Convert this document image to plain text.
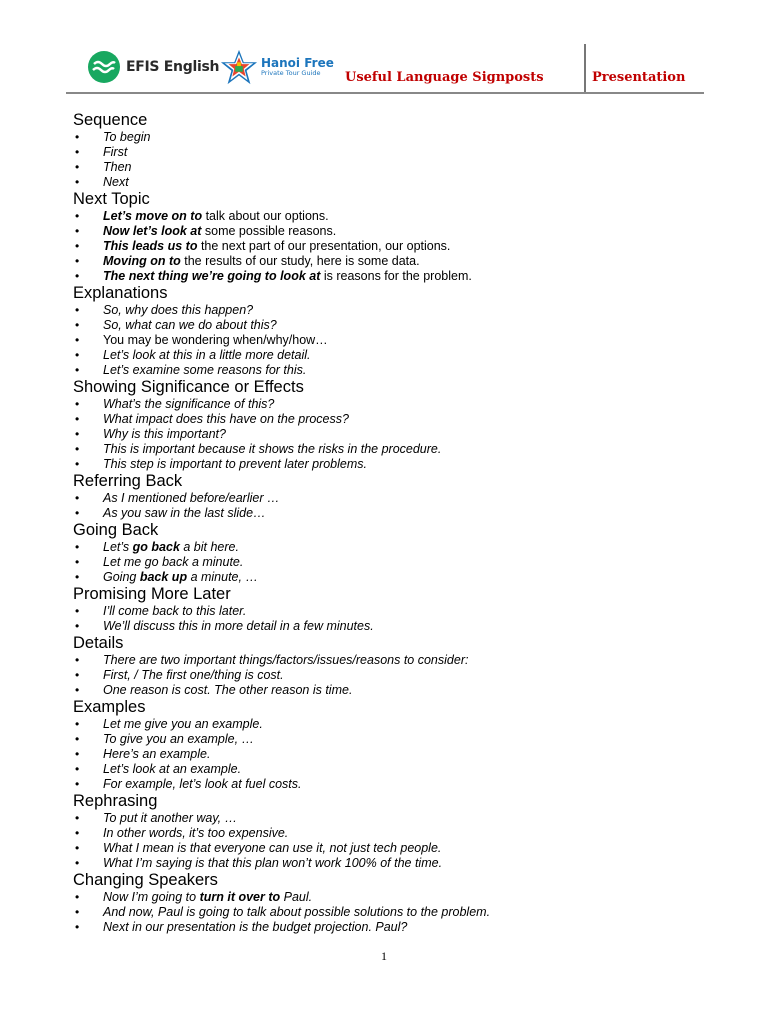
EFIS English	Hanoi Free
Private Tour Guide	Useful Language Signposts	Presentation
Sequence
• To begin
• First
• Then
• Next
Next Topic
• Let’s move on to talk about our options.
• Now let’s look at some possible reasons.
• This leads us to the next part of our presentation, our options.
• Moving on to the results of our study, here is some data.
• The next thing we’re going to look at is reasons for the problem.
Explanations
• So, why does this happen?
• So, what can we do about this?
• You may be wondering when/why/how…
• Let’s look at this in a little more detail.
• Let’s examine some reasons for this.
Showing Significance or Effects
• What’s the significance of this?
• What impact does this have on the process?
• Why is this important?
• This is important because it shows the risks in the procedure.
• This step is important to prevent later problems.
Referring Back
• As I mentioned before/earlier …
• As you saw in the last slide…
Going Back
• Let’s go back a bit here.
• Let me go back a minute.
• Going back up a minute, …
Promising More Later
• I’ll come back to this later.
• We’ll discuss this in more detail in a few minutes.
Details
• There are two important things/factors/issues/reasons to consider:
• First, / The first one/thing is cost.
• One reason is cost. The other reason is time.
Examples
• Let me give you an example.
• To give you an example, …
• Here’s an example.
• Let’s look at an example.
• For example, let’s look at fuel costs.
Rephrasing
• To put it another way, …
• In other words, it’s too expensive.
• What I mean is that everyone can use it, not just tech people.
• What I’m saying is that this plan won’t work 100% of the time.
Changing Speakers
• Now I’m going to turn it over to Paul.
• And now, Paul is going to talk about possible solutions to the problem.
• Next in our presentation is the budget projection. Paul?
1
